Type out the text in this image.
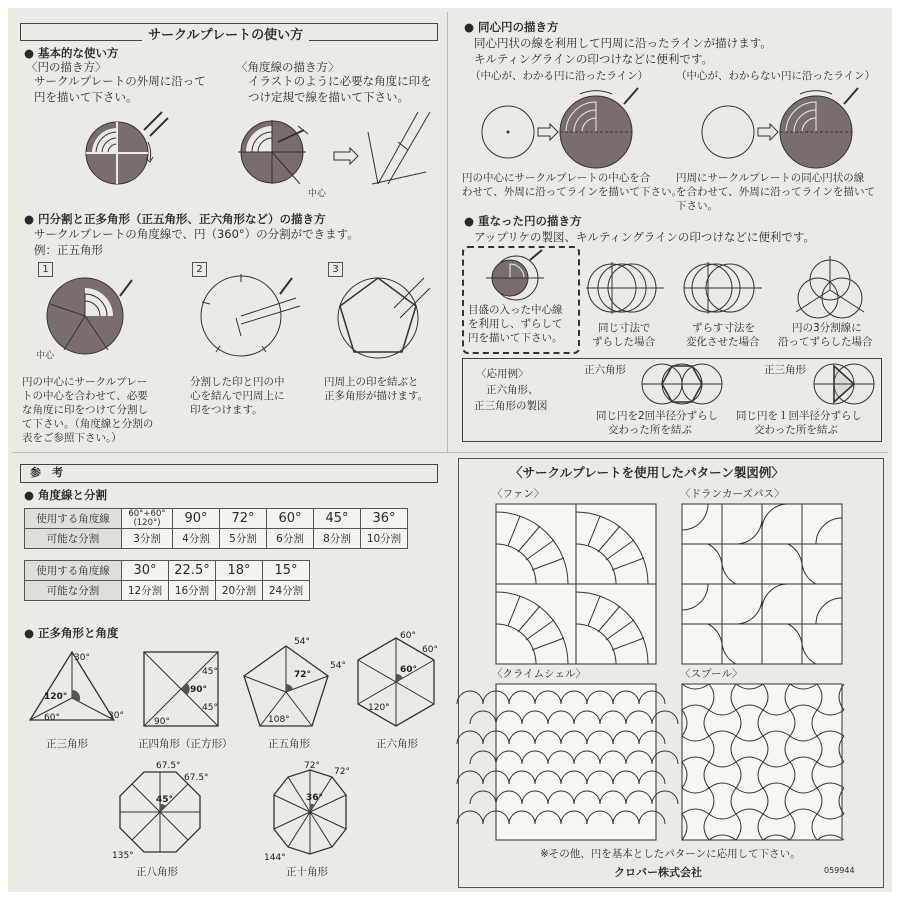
サークルプレートの使い方
● 基本的な使い方
〈円の描き方〉
サークルプレートの外周に沿って
円を描いて下さい。
〈角度線の描き方〉
イラストのように必要な角度に印を
つけ定規で線を描いて下さい。
中心
● 円分割と正多角形（正五角形、正六角形など）の描き方
サークルプレートの角度線で、円（360°）の分割ができます。
例：正五角形
1	2	3
中心
円の中心にサークルプレー
トの中心を合わせて、必要
な角度に印をつけて分割し
て下さい。（角度線と分割の
表をご参照下さい。）
分割した印と円の中
心を結んで円周上に
印をつけます。
円周上の印を結ぶと
正多角形が描けます。
● 同心円の描き方
同心円状の線を利用して円周に沿ったラインが描けます。
キルティングラインの印つけなどに便利です。
（中心が、わかる円に沿ったライン）	（中心が、わからない円に沿ったライン）
円の中心にサークルプレートの中心を合
わせて、外周に沿ってラインを描いて下さい。
円周にサークルプレートの同心円状の線
を合わせて、外周に沿ってラインを描いて
下さい。
● 重なった円の描き方
アップリケの製図、キルティングラインの印つけなどに便利です。
目盛の入った中心線
を利用し、ずらして
円を描いて下さい。
同じ寸法で
ずらした場合
ずらす寸法を
変化させた場合
円の3分割線に
沿ってずらした場合
〈応用例〉
正六角形、
正三角形の製図
正六角形
同じ円を2回半径分ずらし
交わった所を結ぶ
正三角形
同じ円を１回半径分ずらし
交わった所を結ぶ
参　考
● 角度線と分割
使用する角度線	60°+60°(120°)	90°	72°	60°	45°	36°
可能な分割	3分割	4分割	5分割	6分割	8分割	10分割
使用する角度線	30°	22.5°	18°	15°
可能な分割	12分割	16分割	20分割	24分割
● 正多角形と角度
30°
120°
30°
60°
正三角形
45°
90°
45°
90°
正四角形（正方形）
54°
72°
54°
108°
正五角形
60°
60°
60°
120°
正六角形
67.5°
45°
67.5°
135°
正八角形
72°
36°
72°
144°
正十角形
〈サークルプレートを使用したパターン製図例〉
〈ファン〉	〈ドランカーズパス〉
〈クライムシェル〉	〈スプール〉
※その他、円を基本としたパターンに応用して下さい。
059944
クロバー株式会社
